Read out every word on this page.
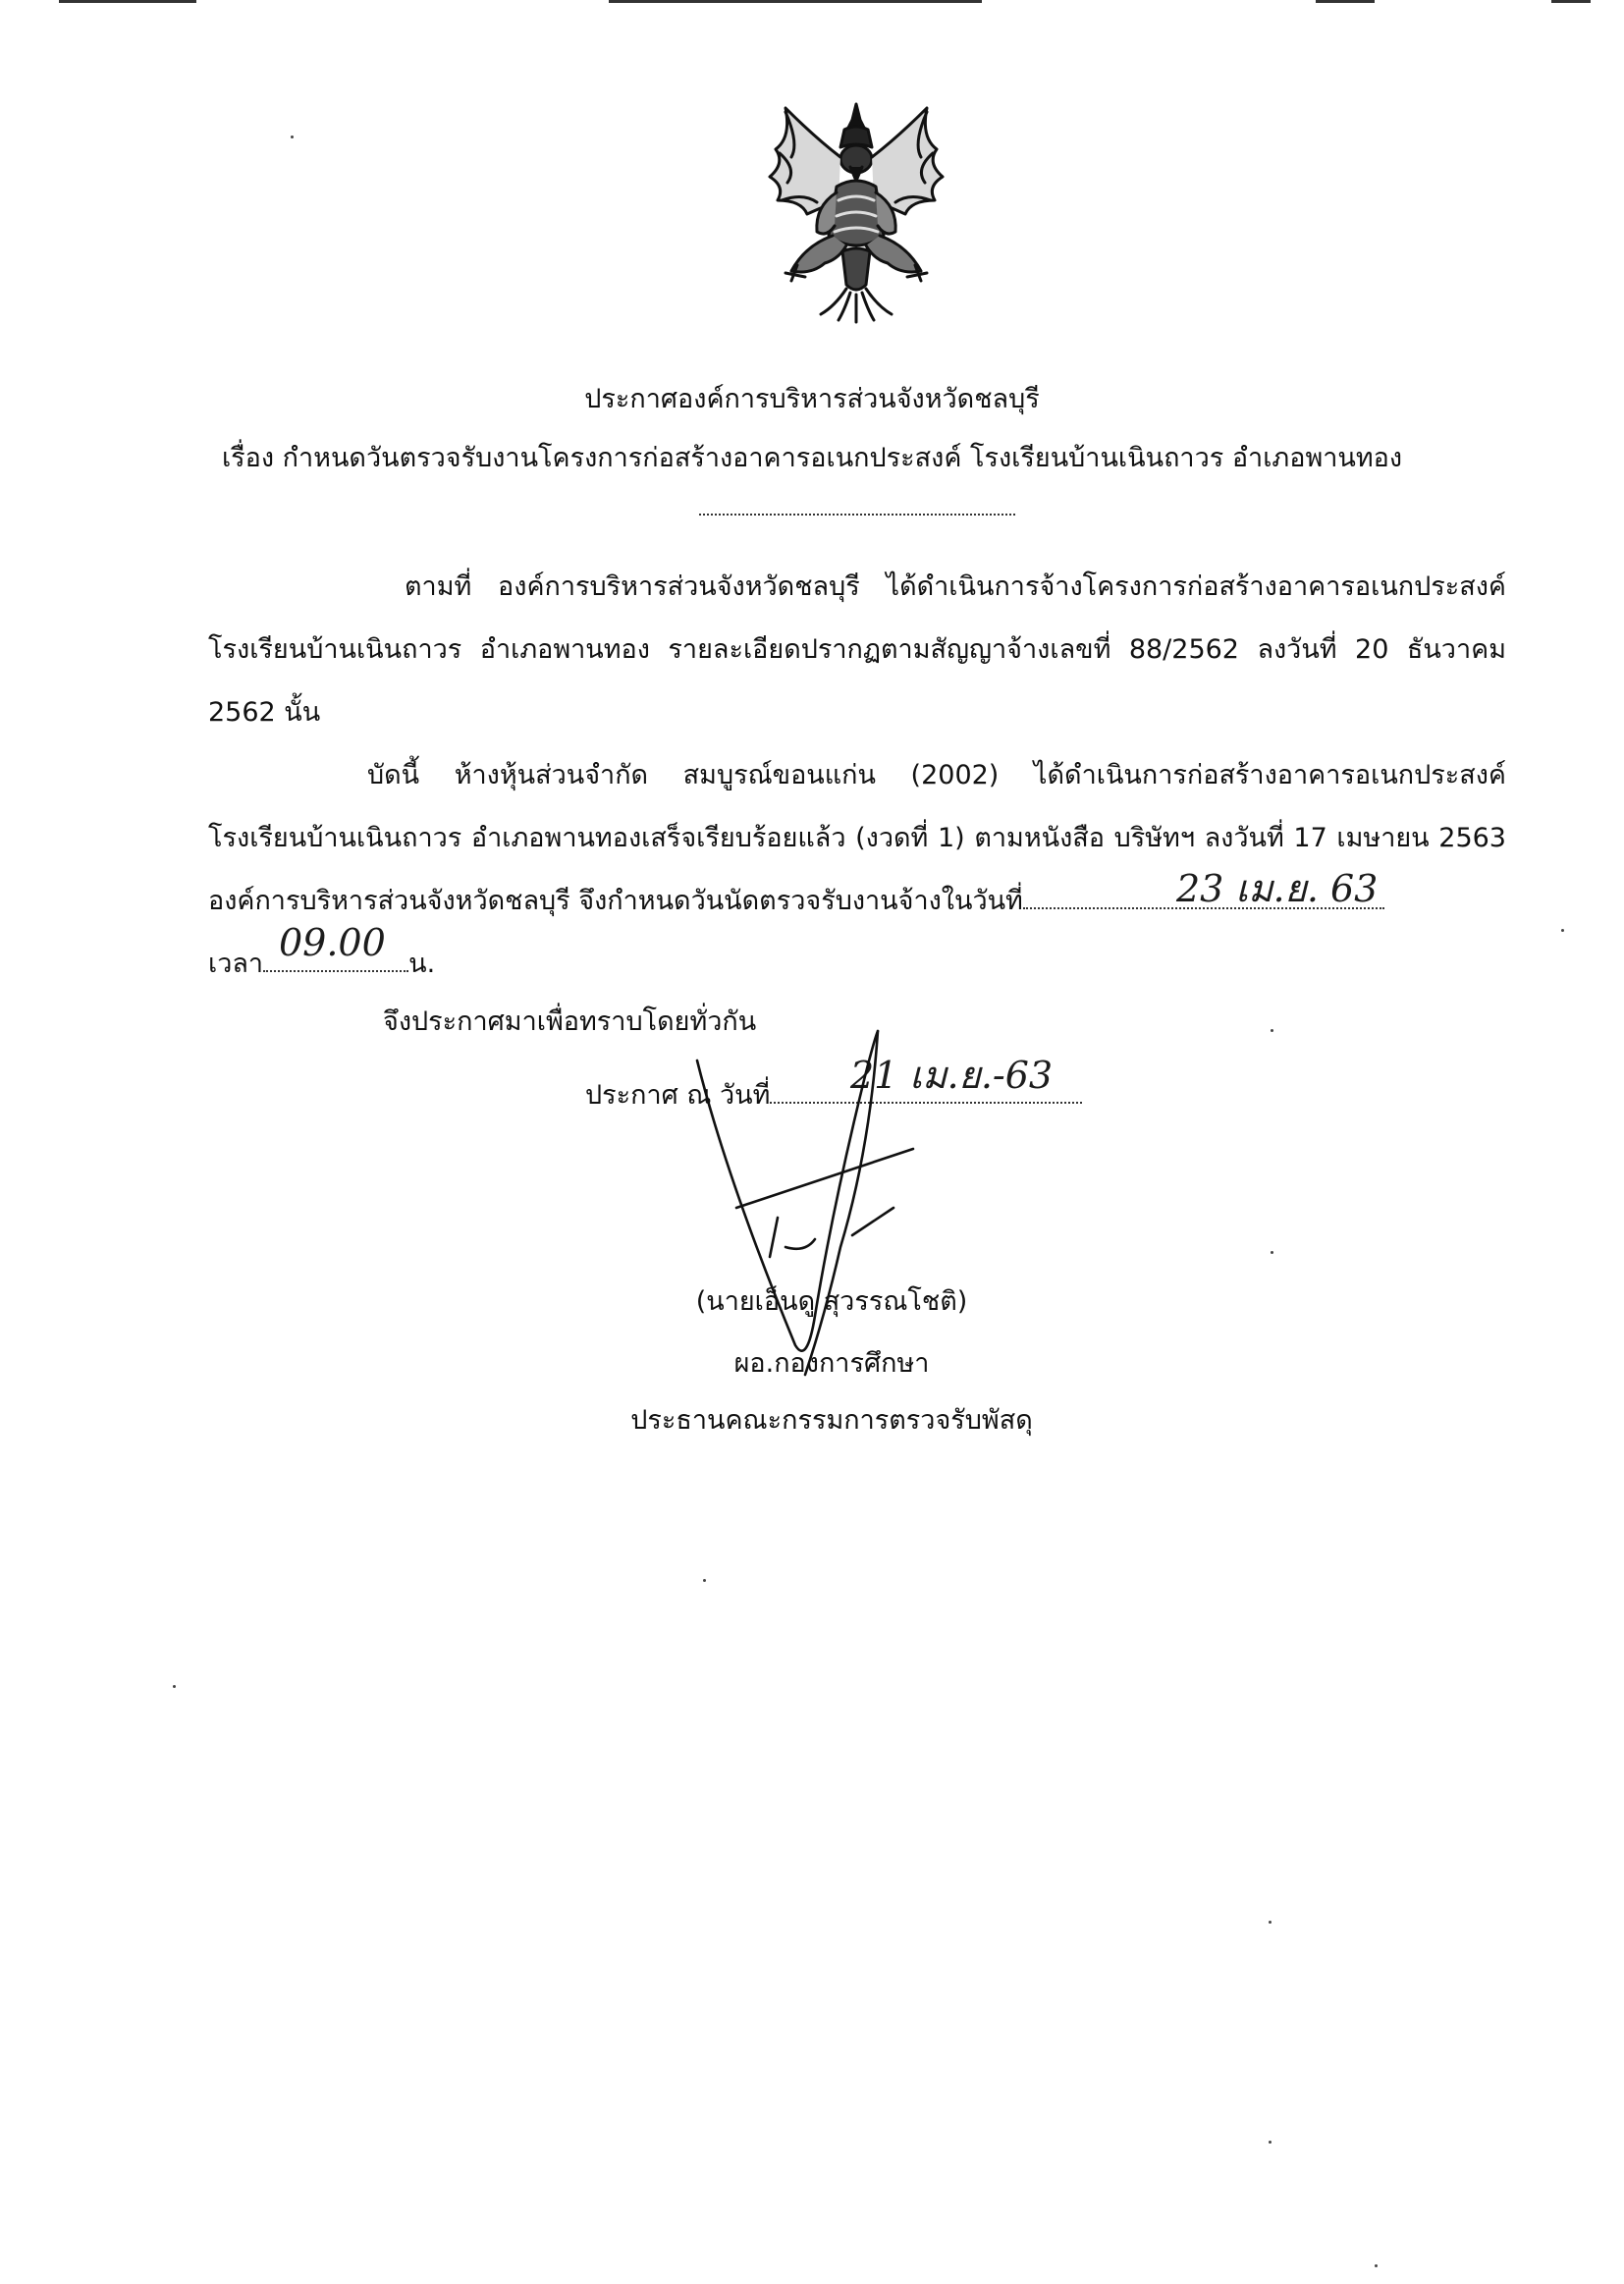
ประกาศองค์การบริหารส่วนจังหวัดชลบุรี
เรื่อง กำหนดวันตรวจรับงานโครงการก่อสร้างอาคารอเนกประสงค์ โรงเรียนบ้านเนินถาวร อำเภอพานทอง
ตามที่ องค์การบริหารส่วนจังหวัดชลบุรี ได้ดำเนินการจ้างโครงการก่อสร้างอาคารอเนกประสงค์ โรงเรียนบ้านเนินถาวร อำเภอพานทอง รายละเอียดปรากฏตามสัญญาจ้างเลขที่ 88/2562 ลงวันที่ 20 ธันวาคม 2562 นั้น
บัดนี้ ห้างหุ้นส่วนจำกัด สมบูรณ์ขอนแก่น (2002) ได้ดำเนินการก่อสร้างอาคารอเนกประสงค์ โรงเรียนบ้านเนินถาวร อำเภอพานทองเสร็จเรียบร้อยแล้ว (งวดที่ 1) ตามหนังสือ บริษัทฯ ลงวันที่ 17 เมษายน 2563 องค์การบริหารส่วนจังหวัดชลบุรี จึงกำหนดวันนัดตรวจรับงานจ้างในวันที่
เวลา	น.
23 เม.ย. 63
09.00
จึงประกาศมาเพื่อทราบโดยทั่วกัน
ประกาศ ณ วันที่	21 เม.ย.-63
(นายเอ็นดู สุวรรณโชติ)
ผอ.กองการศึกษา
ประธานคณะกรรมการตรวจรับพัสดุ
